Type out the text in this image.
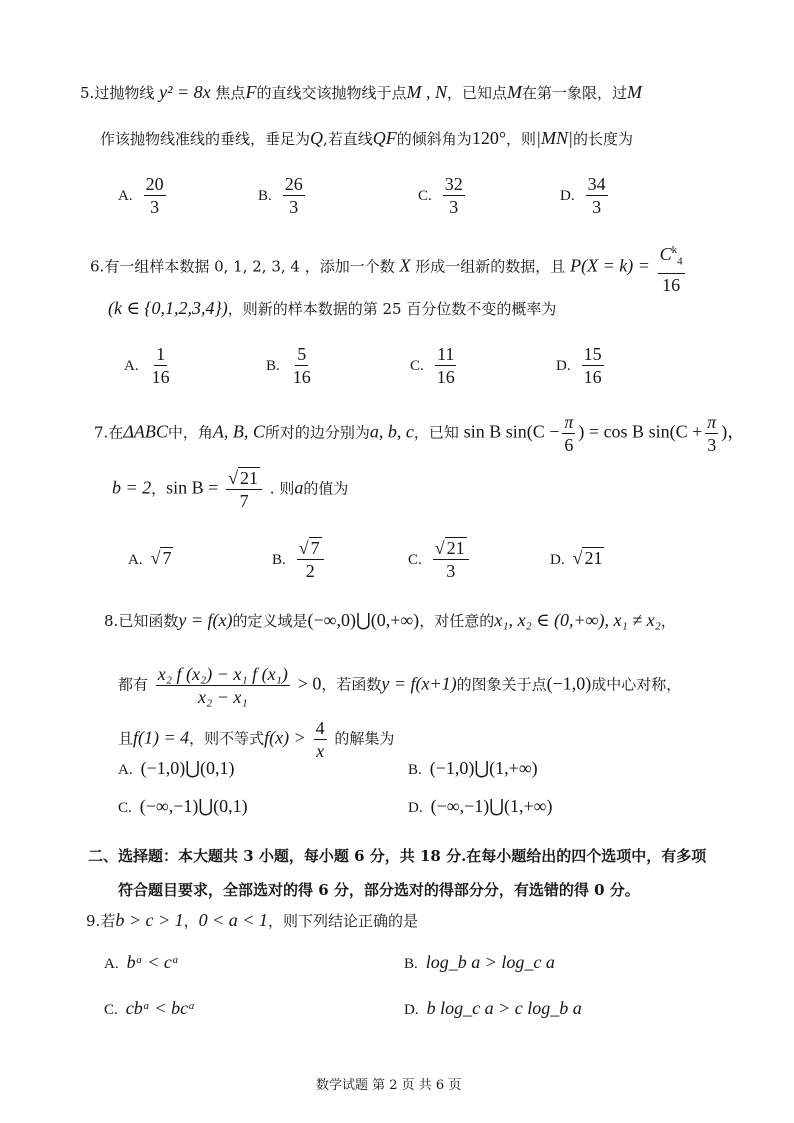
5.过抛物线 y² = 8x 焦点F的直线交该抛物线于点M , N，已知点M在第一象限，过M
作该抛物线准线的垂线，垂足为Q,若直线QF的倾斜角为120°，则|MN|的长度为
A. $\frac{20}{3}$	B. $\frac{26}{3}$	C. $\frac{32}{3}$	D. $\frac{34}{3}$
6.有一组样本数据 0, 1, 2, 3, 4 ，添加一个数 X 形成一组新的数据，且 $P(X = k) = \frac{C^k_4}{16}$
(k ∈ {0,1,2,3,4})，则新的样本数据的第 25 百分位数不变的概率为
A. $\frac{1}{16}$	B. $\frac{5}{16}$	C. $\frac{11}{16}$	D. $\frac{15}{16}$
7.在ΔABC中，角A, B, C所对的边分别为a, b, c，已知 sin B $\sin(C - \frac{\pi}{6}$ ) = cos B $\sin(C + \frac{\pi}{3}$ )，
b = 2，$\sin B = \frac{√ 21}{7}$ . 则a的值为
A. √ 7	B. $\frac{√ 7}{2}$	C. $\frac{√ 21}{3}$	D. √ 21
8.已知函数y = f(x)的定义域是(−∞,0)⋃(0,+∞)，对任意的x₁, x₂ ∈ (0,+∞), x₁ ≠ x₂，
都有 $\frac{\text{x₂ f (x₂) − x₁ f (x₁)}}{\text{x₂ − x₁}} > 0$，若函数y = f(x+1)的图象关于点(−1,0)成中心对称，
且f(1) = 4，则不等式$f(x) > \frac{4}{x}$ 的解集为
A. (−1,0)⋃(0,1)	B. (−1,0)⋃(1,+∞)
C. (−∞,−1)⋃(0,1)	D. (−∞,−1)⋃(1,+∞)
二、选择题：本大题共 3 小题，每小题 6 分，共 18 分.在每小题给出的四个选项中，有多项
符合题目要求，全部选对的得 6 分，部分选对的得部分分，有选错的得 0 分。
9.若b > c > 1，0 < a < 1，则下列结论正确的是
A. bᵃ < cᵃ	B. log_b a > log_c a
C. cbᵃ < bcᵃ	D. b log_c a > c log_b a
数学试题 第 2 页 共 6 页
